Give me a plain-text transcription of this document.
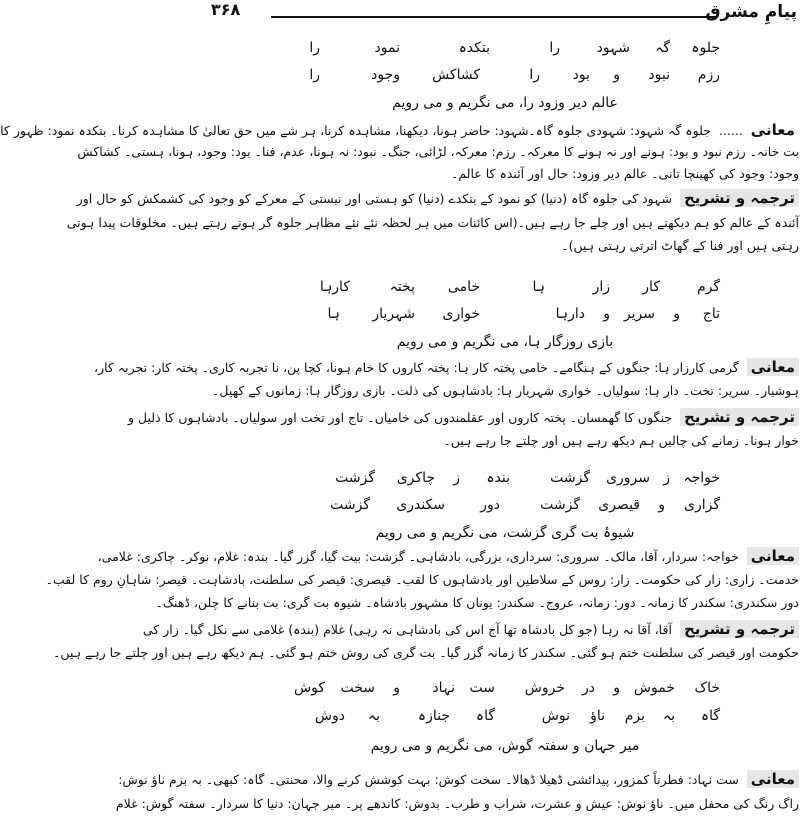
پیامِ مشرق
۳۶۸
جلوہ
گہ
شہود
را
بتکدہ
نمود
را
رزم
نبود
و
بود
را
کشاکش
وجود
را
عالم دیر وزود را، می نگریم و می رویم
معانی...... جلوہ گہ شہود: شہودی جلوہ گاہ۔شہود: حاضر ہونا، دیکھنا، مشاہدہ کرنا، ہر شے میں حق تعالیٰ کا مشاہدہ کرنا۔ بتکدہ نمود: ظہور کا
بت خانہ۔ رزم نبود و بود: ہونے اور نہ ہونے کا معرکہ۔ رزم: معرکہ، لڑائی، جنگ۔ نبود: نہ ہونا، عدم، فنا۔ بود: وجود، ہونا، ہستی۔ کشاکش
وجود: وجود کی کھینچا تانی۔ عالم دیر وزود: حال اور آئندہ کا عالم۔
ترجمہ و تشریح شہود کی جلوہ گاہ (دنیا) کو نمود کے بتکدے (دنیا) کو ہستی اور نیستی کے معرکے کو وجود کی کشمکش کو حال اور
آئندہ کے عالم کو ہم دیکھتے ہیں اور چلے جا رہے ہیں۔(اس کائنات میں ہر لحظہ نئے نئے مظاہر جلوہ گر ہوتے رہتے ہیں۔ مخلوقات پیدا ہوتی
رہتی ہیں اور فنا کے گھاٹ اترتی رہتی ہیں)۔
گرم
کار
زار
ہا
خامی
پختہ
کارہا
تاج
و
سریر
و
دارہا
خواری
شہریار
ہا
بازی روزگار ہا، می نگریم و می رویم
معانی گرمی کارزار ہا: جنگوں کے ہنگامے۔ خامی پختہ کار ہا: پختہ کاروں کا خام ہونا، کچا پن، نا تجربہ کاری۔ پختہ کار: تجربہ کار،
ہوشیار۔ سریر: تخت۔ دار ہا: سولیاں۔ خواری شہریار ہا: بادشاہوں کی ذلت۔ بازی روزگار ہا: زمانوں کے کھیل۔
ترجمہ و تشریح جنگوں کا گھمسان۔ پختہ کاروں اور عقلمندوں کی خامیاں۔ تاج اور تخت اور سولیاں۔ بادشاہوں کا ذلیل و
خوار ہونا۔ زمانے کی چالیں ہم دیکھ رہے ہیں اور چلتے جا رہے ہیں۔
خواجہ
ز
سروری
گزشت
بندہ
ز
چاکری
گزشت
گزاری
و
قیصری
گزشت
دور
سکندری
گزشت
شیوۂ بت گری گزشت، می نگریم و می رویم
معانی خواجہ: سردار، آقا، مالک۔ سروری: سرداری، بزرگی، بادشاہی۔ گزشت: بیت گیا، گزر گیا۔ بندہ: غلام، نوکر۔ چاکری: غلامی،
خدمت۔ زاری: زار کی حکومت۔ زار: روس کے سلاطین اور بادشاہوں کا لقب۔ قیصری: قیصر کی سلطنت، بادشاہت۔ قیصر: شاہانِ روم کا لقب۔
دور سکندری: سکندر کا زمانہ۔ دور: زمانہ، عروج۔ سکندر: یونان کا مشہور بادشاہ۔ شیوہ بت گری: بت بنانے کا چلن، ڈھنگ۔
ترجمہ و تشریح آقا، آقا نہ رہا (جو کل بادشاہ تھا آج اس کی بادشاہی نہ رہی) غلام (بندہ) غلامی سے نکل گیا۔ زار کی
حکومت اور قیصر کی سلطنت ختم ہو گئی۔ سکندر کا زمانہ گزر گیا۔ بت گری کی روش ختم ہو گئی۔ ہم دیکھ رہے ہیں اور چلتے جا رہے ہیں۔
خاک
خموش
و
در
خروش
ست
نہاد
و
سخت
کوش
گاہ
بہ
بزم
ناؤ
نوش
گاہ
جنازہ
بہ
دوش
میر جہان و سفتہ گوش، می نگریم و می رویم
معانی ست نہاد: فطرتاً کمزور، پیدائشی ڈھیلا ڈھالا۔ سخت کوش: بہت کوشش کرنے والا، محنتی۔ گاہ: کبھی۔ بہ بزم ناؤ نوش:
راگ رنگ کی محفل میں۔ ناؤ نوش: عیش و عشرت، شراب و طرب۔ بدوش: کاندھے پر۔ میر جہان: دنیا کا سردار۔ سفتہ گوش: غلام
